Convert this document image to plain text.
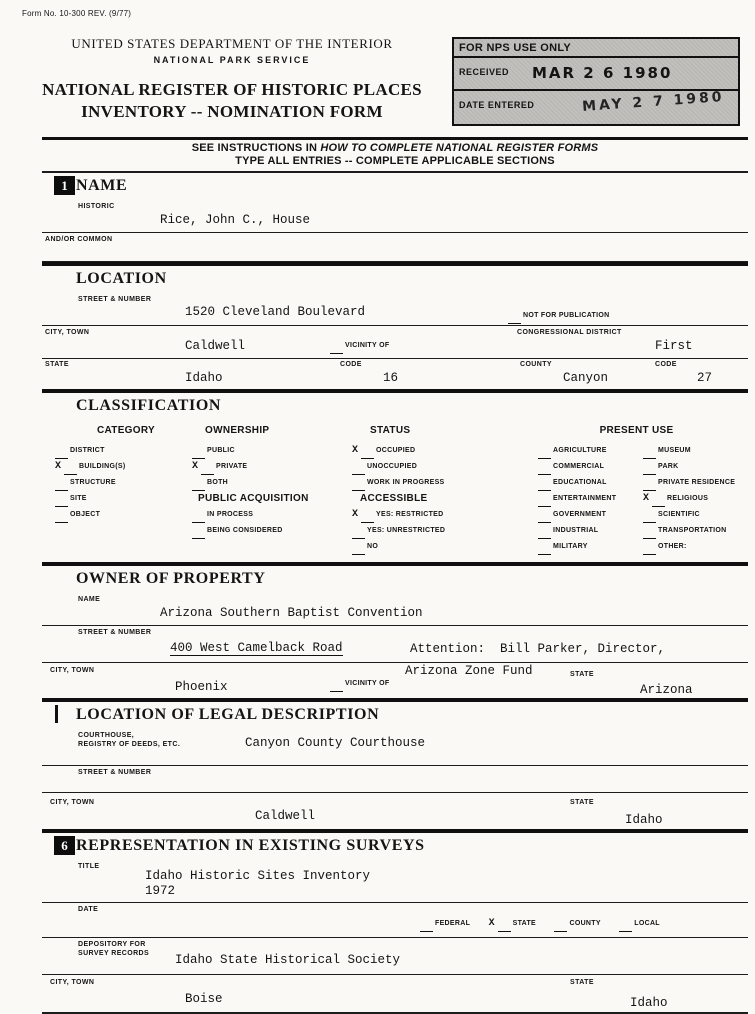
Form No. 10-300 REV. (9/77)
UNITED STATES DEPARTMENT OF THE INTERIOR
NATIONAL PARK SERVICE
NATIONAL REGISTER OF HISTORIC PLACES
INVENTORY -- NOMINATION FORM
FOR NPS USE ONLY
RECEIVED MAR 2 6 1980
DATE ENTERED	MAY 2 7 1980
SEE INSTRUCTIONS IN HOW TO COMPLETE NATIONAL REGISTER FORMS
TYPE ALL ENTRIES -- COMPLETE APPLICABLE SECTIONS
1 NAME
HISTORIC
Rice, John C., House
AND/OR COMMON
LOCATION
STREET & NUMBER
1520 Cleveland Boulevard	NOT FOR PUBLICATION
CITY, TOWN	CONGRESSIONAL DISTRICT
Caldwell	VICINITY OF	First
STATE	CODE	COUNTY	CODE
Idaho	16	Canyon	27
CLASSIFICATION
CATEGORY
DISTRICT
X	BUILDING(S)
STRUCTURE
SITE
OBJECT
OWNERSHIP
PUBLIC
X	PRIVATE
BOTH
PUBLIC ACQUISITION
IN PROCESS
BEING CONSIDERED
STATUS
X	OCCUPIED
UNOCCUPIED
WORK IN PROGRESS
ACCESSIBLE
X	YES: RESTRICTED
YES: UNRESTRICTED
NO
PRESENT USE
AGRICULTURE
COMMERCIAL
EDUCATIONAL
ENTERTAINMENT
GOVERNMENT
INDUSTRIAL
MILITARY
MUSEUM
PARK
PRIVATE RESIDENCE
X	RELIGIOUS
SCIENTIFIC
TRANSPORTATION
OTHER:
OWNER OF PROPERTY
NAME
Arizona Southern Baptist Convention
STREET & NUMBER
400 West Camelback Road	Attention:  Bill Parker, Director,
CITY, TOWN	Arizona Zone Fund	STATE
Phoenix	VICINITY OF	Arizona
LOCATION OF LEGAL DESCRIPTION
COURTHOUSE,
REGISTRY OF DEEDS, ETC.	Canyon County Courthouse
STREET & NUMBER
CITY, TOWN
Caldwell
STATE
Idaho
6 REPRESENTATION IN EXISTING SURVEYS
TITLE
Idaho Historic Sites Inventory
1972
DATE
FEDERAL X	STATE	COUNTY	LOCAL
DEPOSITORY FOR
SURVEY RECORDS Idaho State Historical Society
CITY, TOWN
Boise
STATE
Idaho
